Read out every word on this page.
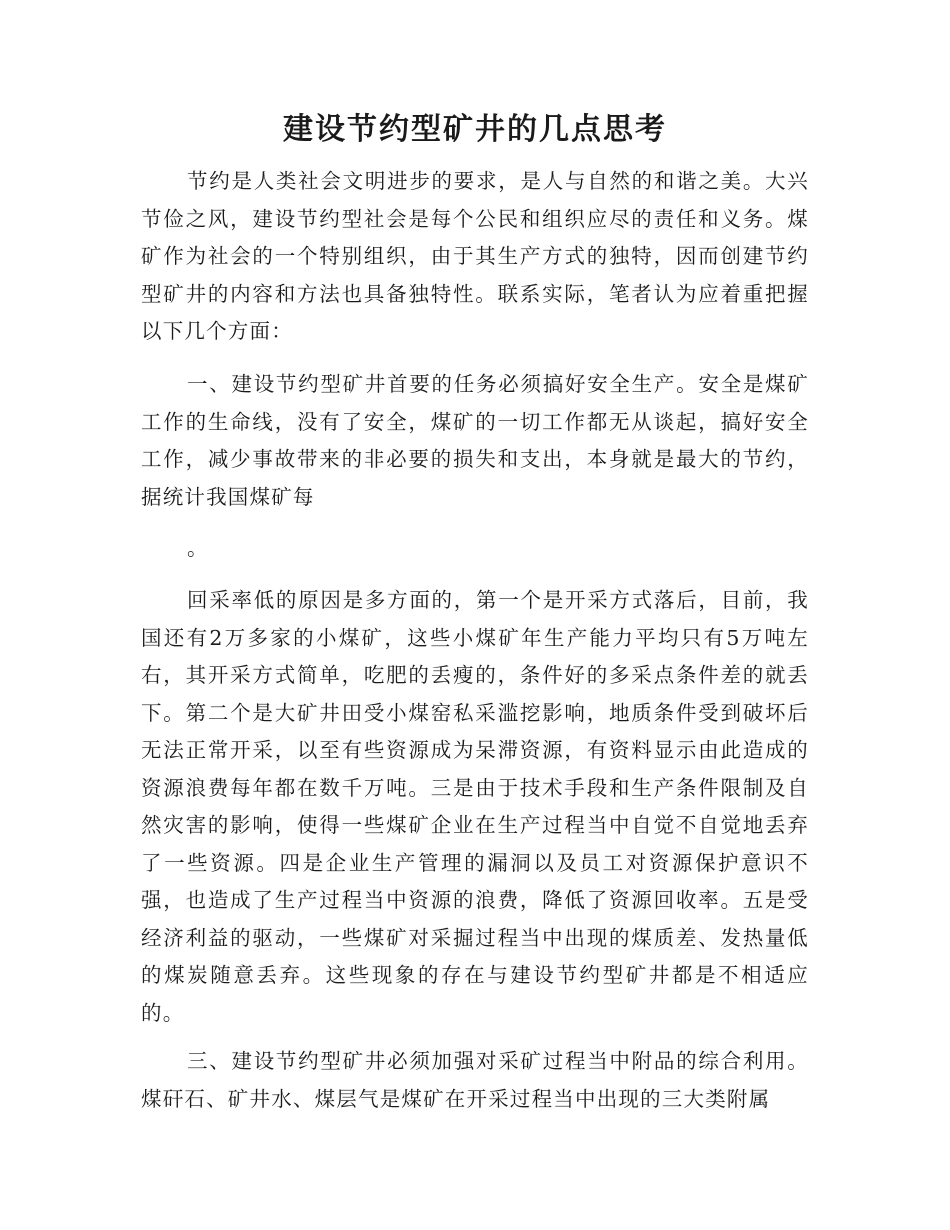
建设节约型矿井的几点思考

节约是人类社会文明进步的要求，是人与自然的和谐之美。大兴节俭之风，建设节约型社会是每个公民和组织应尽的责任和义务。煤矿作为社会的一个特别组织，由于其生产方式的独特，因而创建节约型矿井的内容和方法也具备独特性。联系实际，笔者认为应着重把握以下几个方面：

一、建设节约型矿井首要的任务必须搞好安全生产。安全是煤矿工作的生命线，没有了安全，煤矿的一切工作都无从谈起，搞好安全工作，减少事故带来的非必要的损失和支出，本身就是最大的节约，据统计我国煤矿每

。

回采率低的原因是多方面的，第一个是开采方式落后，目前，我国还有2万多家的小煤矿，这些小煤矿年生产能力平均只有5万吨左右，其开采方式简单，吃肥的丢瘦的，条件好的多采点条件差的就丢下。第二个是大矿井田受小煤窑私采滥挖影响，地质条件受到破坏后无法正常开采，以至有些资源成为呆滞资源，有资料显示由此造成的资源浪费每年都在数千万吨。三是由于技术手段和生产条件限制及自然灾害的影响，使得一些煤矿企业在生产过程当中自觉不自觉地丢弃了一些资源。四是企业生产管理的漏洞以及员工对资源保护意识不强，也造成了生产过程当中资源的浪费，降低了资源回收率。五是受经济利益的驱动，一些煤矿对采掘过程当中出现的煤质差、发热量低的煤炭随意丢弃。这些现象的存在与建设节约型矿井都是不相适应的。

三、建设节约型矿井必须加强对采矿过程当中附品的综合利用。煤矸石、矿井水、煤层气是煤矿在开采过程当中出现的三大类附属
